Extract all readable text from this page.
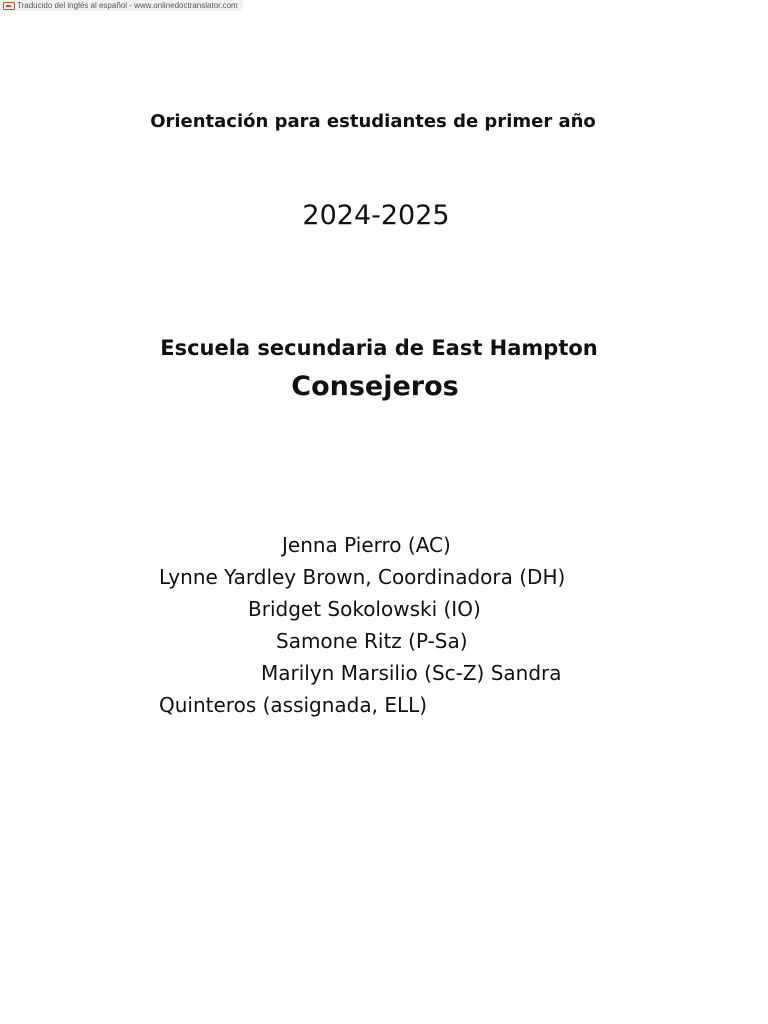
Traducido del inglés al español - www.onlinedoctranslator.com
Orientación para estudiantes de primer año
2024-2025
Escuela secundaria de East Hampton
Consejeros
Jenna Pierro (AC)
Lynne Yardley Brown, Coordinadora (DH)
Bridget Sokolowski (IO)
Samone Ritz (P-Sa)
Marilyn Marsilio (Sc-Z) Sandra
Quinteros (assignada, ELL)
